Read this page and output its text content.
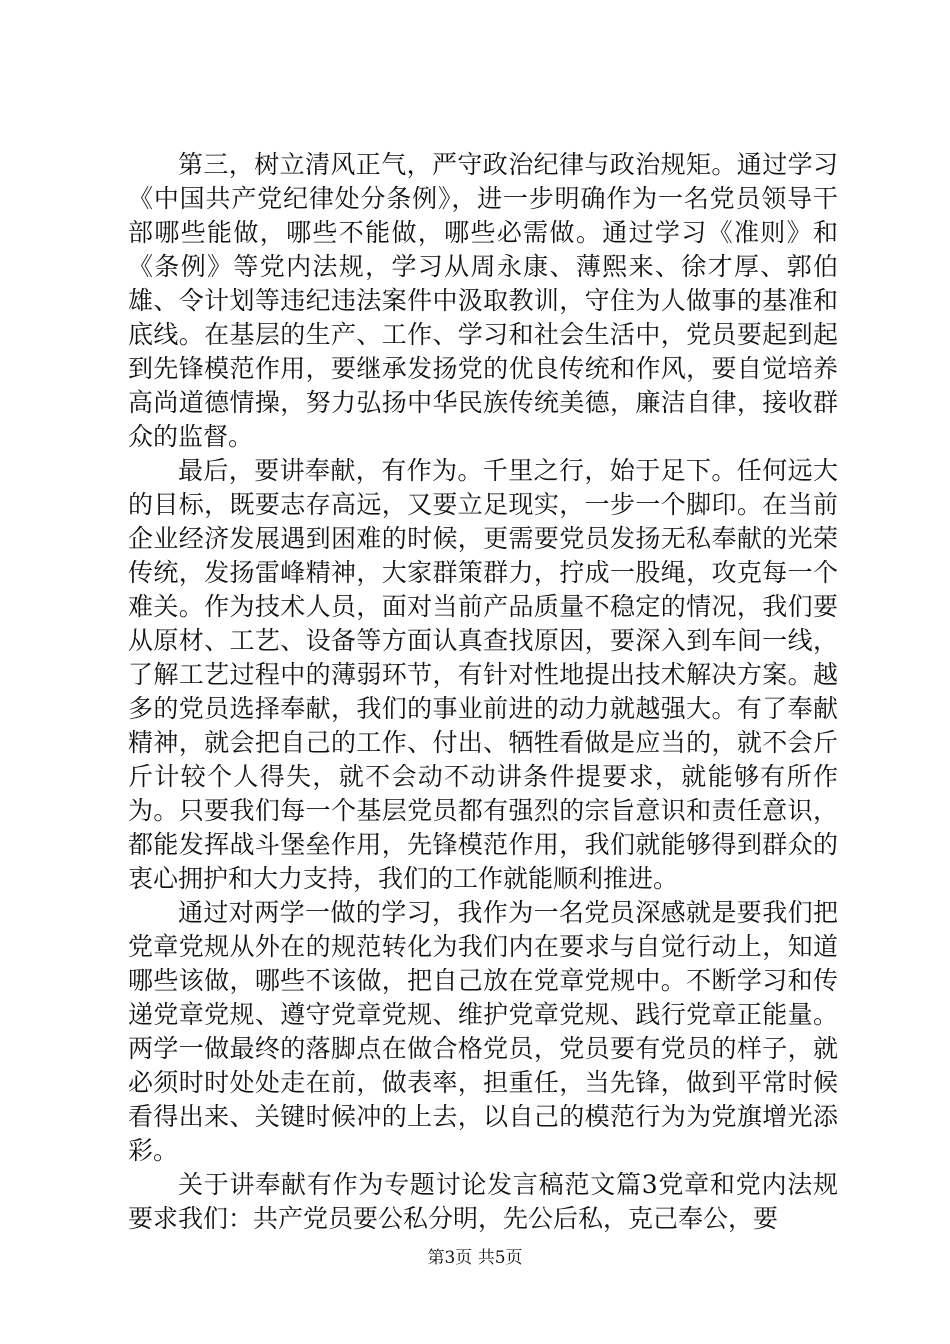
第三，树立清风正气，严守政治纪律与政治规矩。通过学习《中国共产党纪律处分条例》，进一步明确作为一名党员领导干部哪些能做，哪些不能做，哪些必需做。通过学习《准则》和《条例》等党内法规，学习从周永康、薄熙来、徐才厚、郭伯雄、令计划等违纪违法案件中汲取教训，守住为人做事的基准和底线。在基层的生产、工作、学习和社会生活中，党员要起到起到先锋模范作用，要继承发扬党的优良传统和作风，要自觉培养高尚道德情操，努力弘扬中华民族传统美德，廉洁自律，接收群众的监督。

最后，要讲奉献，有作为。千里之行，始于足下。任何远大的目标，既要志存高远，又要立足现实，一步一个脚印。在当前企业经济发展遇到困难的时候，更需要党员发扬无私奉献的光荣传统，发扬雷峰精神，大家群策群力，拧成一股绳，攻克每一个难关。作为技术人员，面对当前产品质量不稳定的情况，我们要从原材、工艺、设备等方面认真查找原因，要深入到车间一线，了解工艺过程中的薄弱环节，有针对性地提出技术解决方案。越多的党员选择奉献，我们的事业前进的动力就越强大。有了奉献精神，就会把自己的工作、付出、牺牲看做是应当的，就不会斤斤计较个人得失，就不会动不动讲条件提要求，就能够有所作为。只要我们每一个基层党员都有强烈的宗旨意识和责任意识，都能发挥战斗堡垒作用，先锋模范作用，我们就能够得到群众的衷心拥护和大力支持，我们的工作就能顺利推进。

通过对两学一做的学习，我作为一名党员深感就是要我们把党章党规从外在的规范转化为我们内在要求与自觉行动上，知道哪些该做，哪些不该做，把自己放在党章党规中。不断学习和传递党章党规、遵守党章党规、维护党章党规、践行党章正能量。两学一做最终的落脚点在做合格党员，党员要有党员的样子，就必须时时处处走在前，做表率，担重任，当先锋，做到平常时候看得出来、关键时候冲的上去，以自己的模范行为为党旗增光添彩。

关于讲奉献有作为专题讨论发言稿范文篇3党章和党内法规要求我们：共产党员要公私分明，先公后私，克己奉公，要

第3页 共5页
